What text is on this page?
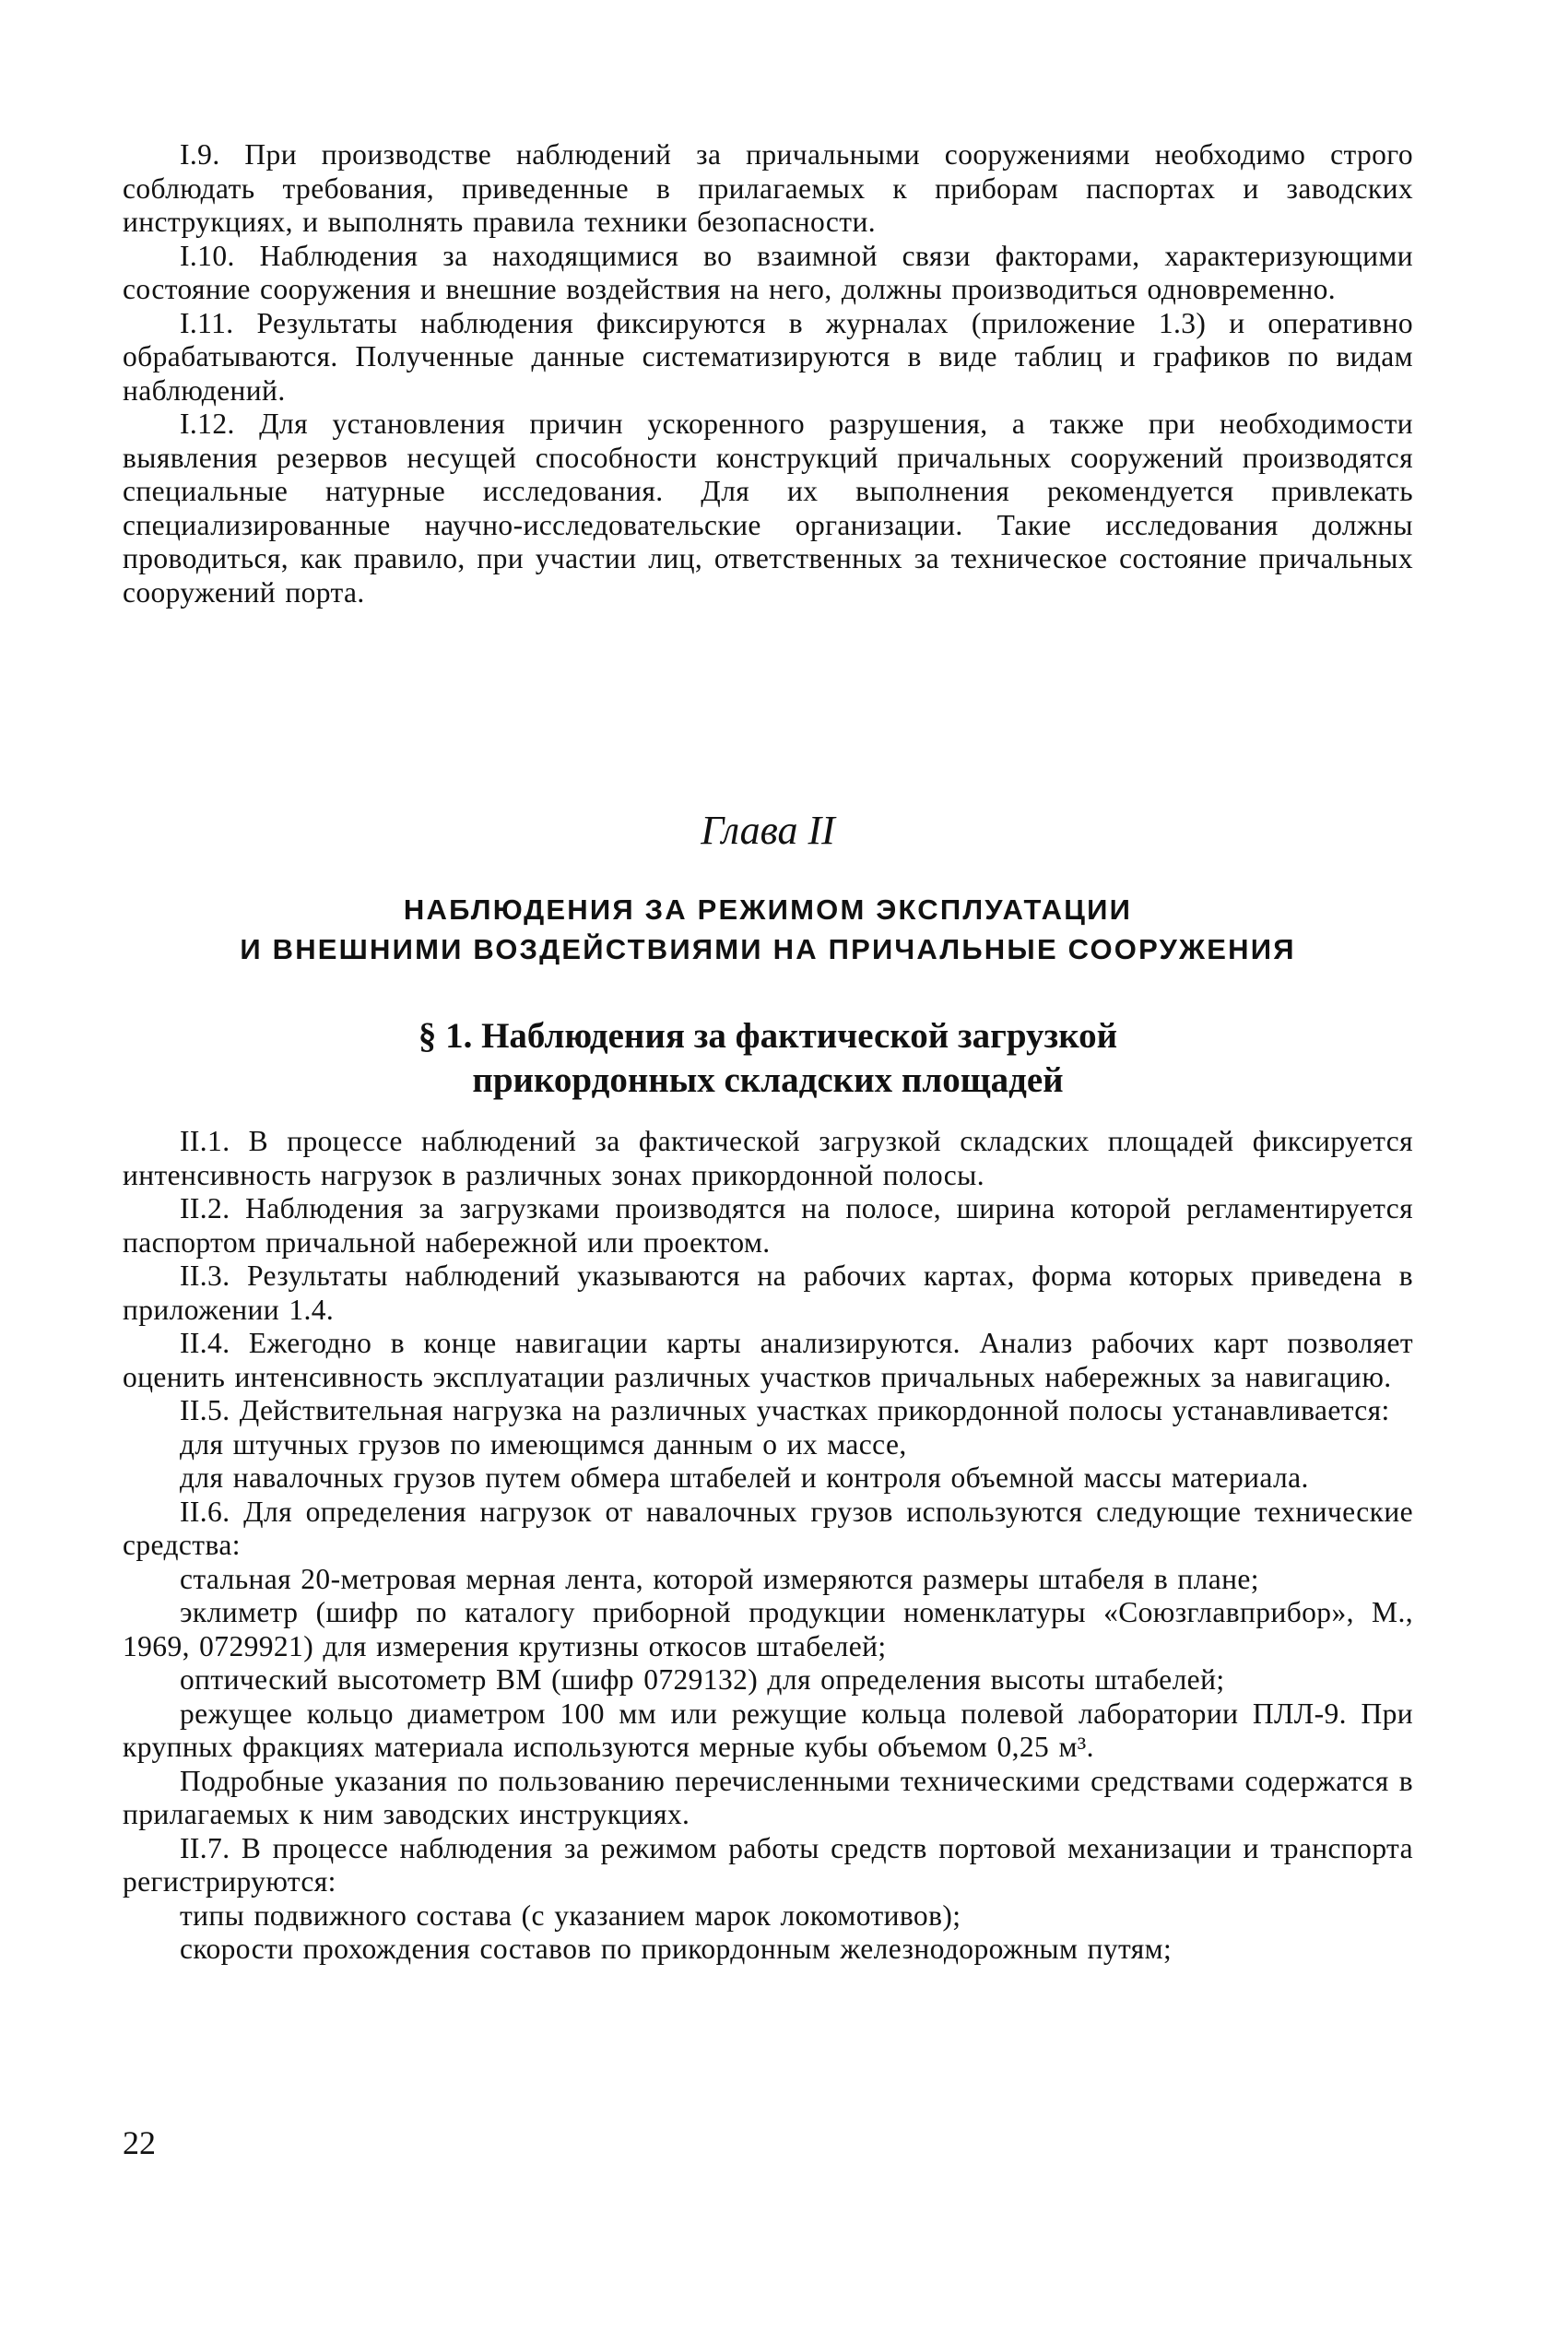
I.9. При производстве наблюдений за причальными сооружениями необходимо строго соблюдать требования, приведенные в прилагаемых к приборам паспортах и заводских инструкциях, и выполнять правила техники безопасности.

I.10. Наблюдения за находящимися во взаимной связи факторами, характеризующими состояние сооружения и внешние воздействия на него, должны производиться одновременно.

I.11. Результаты наблюдения фиксируются в журналах (приложение 1.3) и оперативно обрабатываются. Полученные данные систематизируются в виде таблиц и графиков по видам наблюдений.

I.12. Для установления причин ускоренного разрушения, а также при необходимости выявления резервов несущей способности конструкций причальных сооружений производятся специальные натурные исследования. Для их выполнения рекомендуется привлекать специализированные научно-исследовательские организации. Такие исследования должны проводиться, как правило, при участии лиц, ответственных за техническое состояние причальных сооружений порта.

Глава II

НАБЛЮДЕНИЯ ЗА РЕЖИМОМ ЭКСПЛУАТАЦИИ
И ВНЕШНИМИ ВОЗДЕЙСТВИЯМИ НА ПРИЧАЛЬНЫЕ СООРУЖЕНИЯ
§ 1. Наблюдения за фактической загрузкой
прикордонных складских площадей

II.1. В процессе наблюдений за фактической загрузкой складских площадей фиксируется интенсивность нагрузок в различных зонах прикордонной полосы.

II.2. Наблюдения за загрузками производятся на полосе, ширина которой регламентируется паспортом причальной набережной или проектом.

II.3. Результаты наблюдений указываются на рабочих картах, форма которых приведена в приложении 1.4.

II.4. Ежегодно в конце навигации карты анализируются. Анализ рабочих карт позволяет оценить интенсивность эксплуатации различных участков причальных набережных за навигацию.

II.5. Действительная нагрузка на различных участках прикордонной полосы устанавливается:

для штучных грузов по имеющимся данным о их массе,

для навалочных грузов путем обмера штабелей и контроля объемной массы материала.

II.6. Для определения нагрузок от навалочных грузов используются следующие технические средства:

стальная 20-метровая мерная лента, которой измеряются размеры штабеля в плане;

эклиметр (шифр по каталогу приборной продукции номенклатуры «Союзглавприбор», М., 1969, 0729921) для измерения крутизны откосов штабелей;

оптический высотометр ВМ (шифр 0729132) для определения высоты штабелей;

режущее кольцо диаметром 100 мм или режущие кольца полевой лаборатории ПЛЛ-9. При крупных фракциях материала используются мерные кубы объемом 0,25 м³.

Подробные указания по пользованию перечисленными техническими средствами содержатся в прилагаемых к ним заводских инструкциях.

II.7. В процессе наблюдения за режимом работы средств портовой механизации и транспорта регистрируются:

типы подвижного состава (с указанием марок локомотивов);

скорости прохождения составов по прикордонным железнодорожным путям;

22
